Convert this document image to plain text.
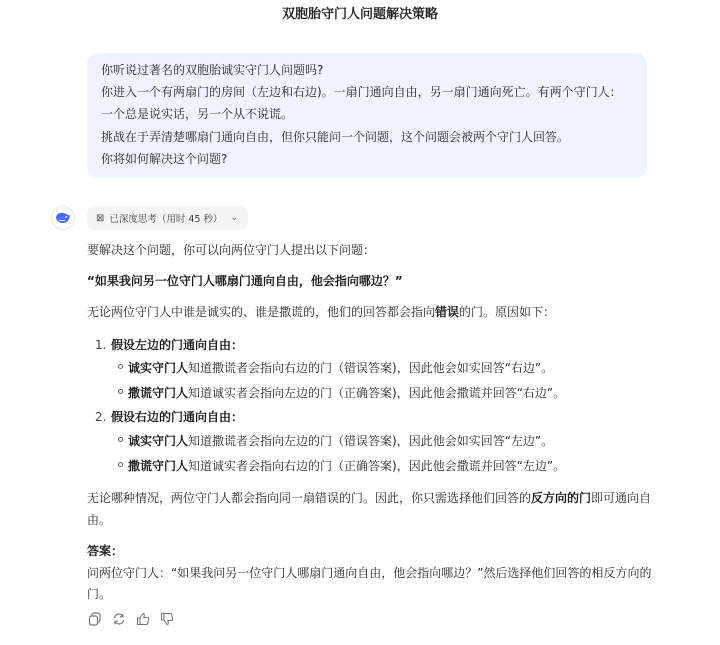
双胞胎守门人问题解决策略
你听说过著名的双胞胎诚实守门人问题吗?
你进入一个有两扇门的房间（左边和右边)。一扇门通向自由，另一扇门通向死亡。有两个守门人：
一个总是说实话，另一个从不说谎。
挑战在于弄清楚哪扇门通向自由，但你只能问一个问题，这个问题会被两个守门人回答。
你将如何解决这个问题?
⊠ 已深度思考（用时 45 秒） ⌄
要解决这个问题，你可以向两位守门人提出以下问题：
“如果我问另一位守门人哪扇门通向自由，他会指向哪边？”
无论两位守门人中谁是诚实的、谁是撒谎的，他们的回答都会指向错误的门。原因如下：
1. 假设左边的门通向自由：
诚实守门人知道撒谎者会指向右边的门（错误答案)，因此他会如实回答“右边”。
撒谎守门人知道诚实者会指向左边的门（正确答案)，因此他会撒谎并回答“右边”。
2. 假设右边的门通向自由：
诚实守门人知道撒谎者会指向左边的门（错误答案)，因此他会如实回答“左边”。
撒谎守门人知道诚实者会指向右边的门（正确答案)，因此他会撒谎并回答“左边”。
无论哪种情况，两位守门人都会指向同一扇错误的门。因此，你只需选择他们回答的反方向的门即可通向自
由。
答案：
问两位守门人：“如果我问另一位守门人哪扇门通向自由，他会指向哪边？”然后选择他们回答的相反方向的
门。
